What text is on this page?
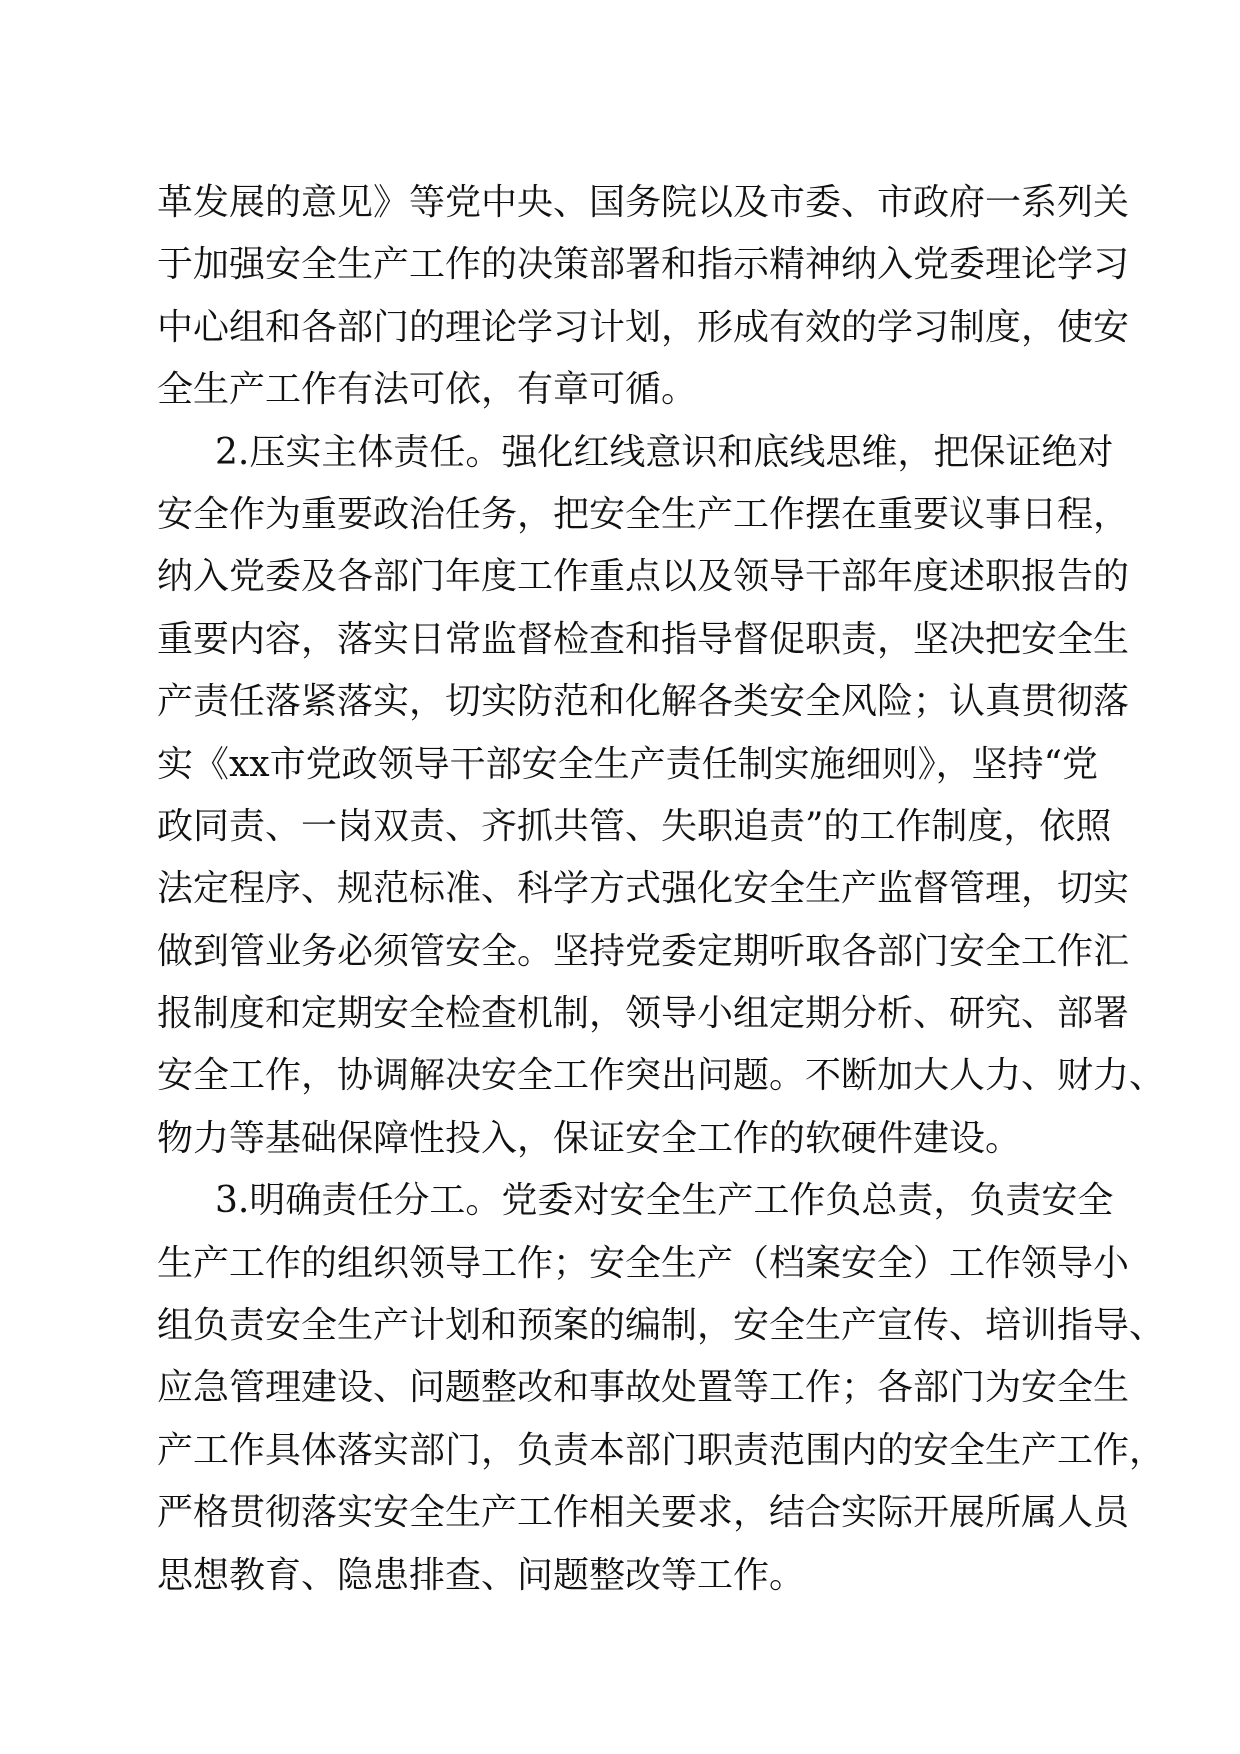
革发展的意见》等党中央、国务院以及市委、市政府一系列关
于加强安全生产工作的决策部署和指示精神纳入党委理论学习
中心组和各部门的理论学习计划，形成有效的学习制度，使安
全生产工作有法可依，有章可循。
2.压实主体责任。强化红线意识和底线思维，把保证绝对
安全作为重要政治任务，把安全生产工作摆在重要议事日程，
纳入党委及各部门年度工作重点以及领导干部年度述职报告的
重要内容，落实日常监督检查和指导督促职责，坚决把安全生
产责任落紧落实，切实防范和化解各类安全风险；认真贯彻落
实《xx市党政领导干部安全生产责任制实施细则》，坚持“党
政同责、一岗双责、齐抓共管、失职追责”的工作制度，依照
法定程序、规范标准、科学方式强化安全生产监督管理，切实
做到管业务必须管安全。坚持党委定期听取各部门安全工作汇
报制度和定期安全检查机制，领导小组定期分析、研究、部署
安全工作，协调解决安全工作突出问题。不断加大人力、财力、
物力等基础保障性投入，保证安全工作的软硬件建设。
3.明确责任分工。党委对安全生产工作负总责，负责安全
生产工作的组织领导工作；安全生产（档案安全）工作领导小
组负责安全生产计划和预案的编制，安全生产宣传、培训指导、
应急管理建设、问题整改和事故处置等工作；各部门为安全生
产工作具体落实部门，负责本部门职责范围内的安全生产工作，
严格贯彻落实安全生产工作相关要求，结合实际开展所属人员
思想教育、隐患排查、问题整改等工作。
